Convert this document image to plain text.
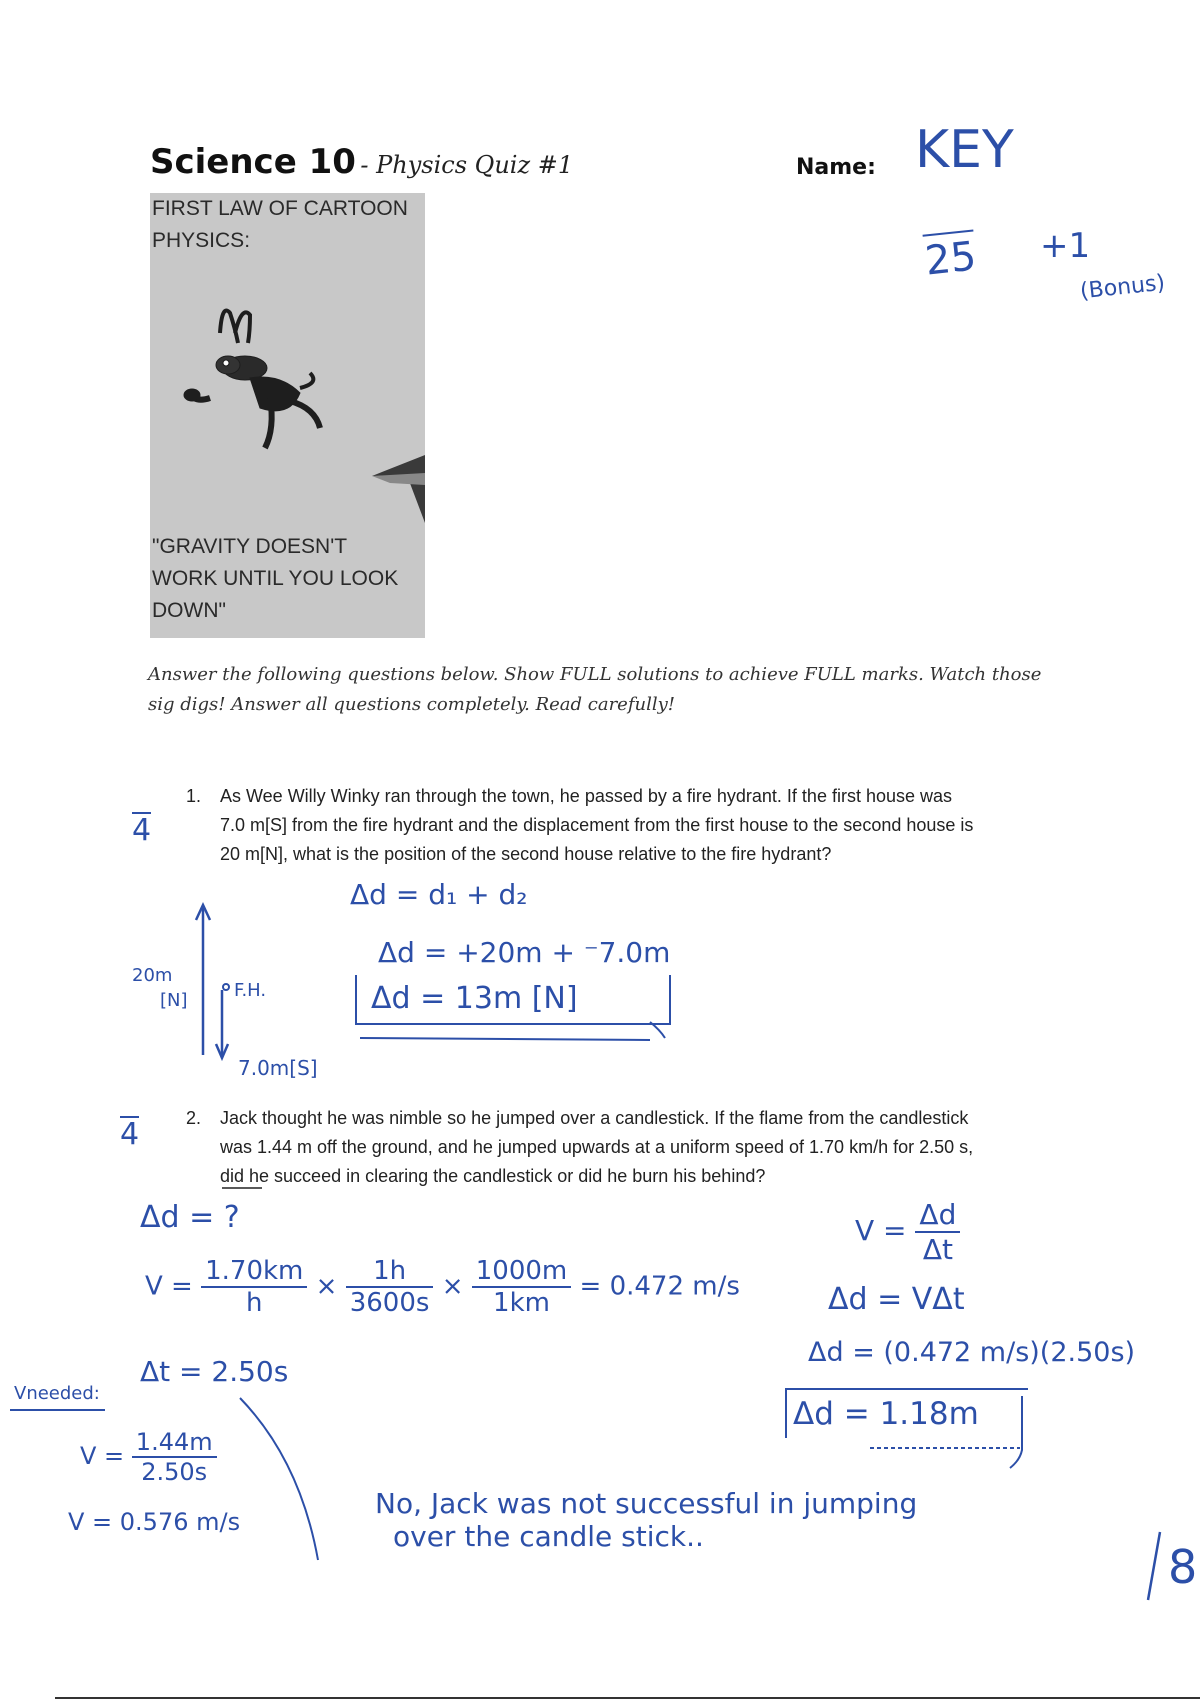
Science 10 - Physics Quiz #1	Name: KEY
25 +1
(Bonus)
FIRST LAW OF CARTOON
PHYSICS:
"GRAVITY DOESN'T
WORK UNTIL YOU LOOK
DOWN"
Answer the following questions below. Show FULL solutions to achieve FULL marks. Watch those
sig digs! Answer all questions completely. Read carefully!
1. As Wee Willy Winky ran through the town, he passed by a fire hydrant. If the first house was
7.0 m[S] from the fire hydrant and the displacement from the first house to the second house is
20 m[N], what is the position of the second house relative to the fire hydrant?
4
Δd = d₁ + d₂
Δd = +20m + ⁻7.0m
Δd = 13m [N]
20m
[N]	F.H.
7.0m[S]
2. Jack thought he was nimble so he jumped over a candlestick. If the flame from the candlestick
was 1.44 m off the ground, and he jumped upwards at a uniform speed of 1.70 km/h for 2.50 s,
did he succeed in clearing the candlestick or did he burn his behind?
4
Δd = ?
$V = \frac{1.70km}{h} \times \frac{1h}{3600s} \times \frac{1000m}{1km} = 0.472$ m/s
Δt = 2.50s
$V = \frac{\Delta d}{\Delta t}$
Δd = VΔt
Δd = (0.472 m/s)(2.50s)
Δd = 1.18m
Vneeded:
$V = \frac{1.44m}{2.50s}$
V = 0.576 m/s
No, Jack was not successful in jumping
over the candle stick..
8
